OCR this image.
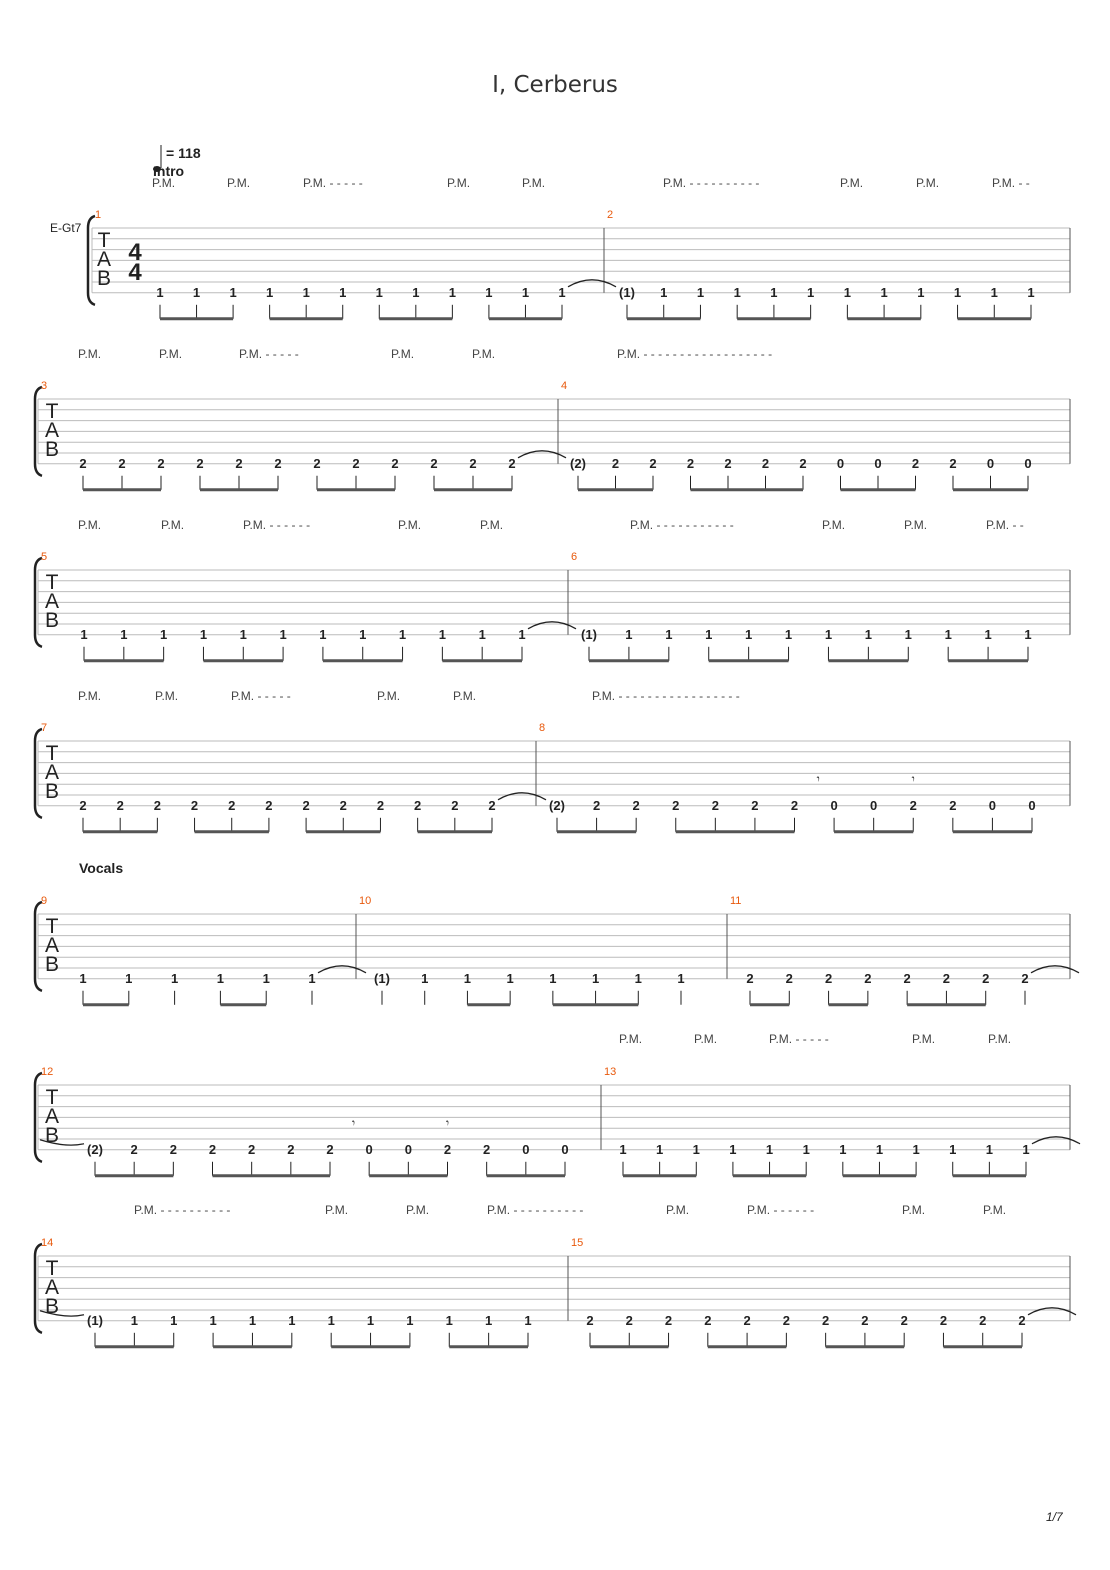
I, Cerberus
T
A
B
E-Gt7
4
4
= 118
Intro
P.M.	P.M.	P.M. - - - - -	P.M.	P.M.	P.M. - - - - - - - - - -	P.M.	P.M.	P.M. - -
1
1 1 1 1 1 1 1 1 1 1 1 1
2
(1) 1 1 1 1 1 1 1 1 1 1 1
T
A
B
P.M.	P.M.	P.M. - - - - -	P.M.	P.M.	P.M. - - - - - - - - - - - - - - - - - -
3
2 2 2 2 2 2 2 2 2 2 2 2
4
(2) 2 2 2 2 2 2 0 0 2 2 0 0
T
A
B
P.M.	P.M.	P.M. - - - - - -	P.M.	P.M.	P.M. - - - - - - - - - - -	P.M.	P.M.	P.M. - -
5
1	1	1	1	1	1	1	1	1	1	1	1
6
(1) 1	1	1	1	1	1	1	1	1	1	1
T
A
B
P.M.	P.M.	P.M. - - - - -	P.M.	P.M.	P.M. - - - - - - - - - - - - - - - - -
7
2 2 2 2 2 2 2 2 2 2 2 2
8
(2) 2 2 2 2 2 2 0 0 2 2 0 0
𝆟	𝆟
T
A
B
Vocals
9
1	1	1	1	1	1
10
(1) 1	1	1	1	1	1	1
11
2 2 2 2 2 2 2 2
T
A
B
P.M.	P.M.	P.M. - - - - -	P.M.	P.M.
12
(2) 2 2 2 2 2 2 0 0 2 2 0 0
𝆟	𝆟
13
1 1 1 1 1 1 1 1 1 1 1 1
T
A
B
P.M. - - - - - - - - - -	P.M.	P.M.	P.M. - - - - - - - - - -	P.M.	P.M. - - - - - -	P.M.	P.M.
14
(1) 1 1 1 1 1 1 1 1 1 1 1
15
2 2 2 2 2 2 2 2 2 2 2 2
1/7
